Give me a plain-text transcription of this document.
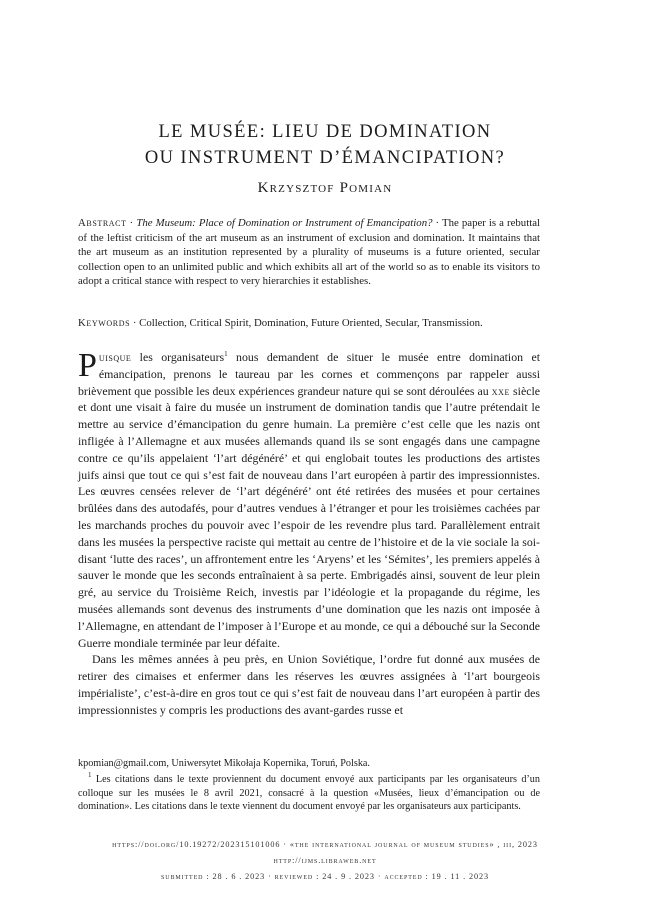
LE MUSÉE: LIEU DE DOMINATION
OU INSTRUMENT D’ÉMANCIPATION?
Krzysztof Pomian

Abstract · The Museum: Place of Domination or Instrument of Emancipation? · The paper is a rebuttal of the leftist criticism of the art museum as an instrument of exclusion and domination. It maintains that the art museum as an institution represented by a plurality of museums is a future oriented, secular collection open to an unlimited public and which exhibits all art of the world so as to enable its visitors to adopt a critical stance with respect to very hierarchies it establishes.

Keywords · Collection, Critical Spirit, Domination, Future Oriented, Secular, Transmission.

Puisque les organisateurs$^1$ nous demandent de situer le musée entre domination et émancipation, prenons le taureau par les cornes et commençons par rappeler aussi brièvement que possible les deux expériences grandeur nature qui se sont déroulées au xxe siècle et dont une visait à faire du musée un instrument de domination tandis que l’autre prétendait le mettre au service d’émancipation du genre humain. La première c’est celle que les nazis ont infligée à l’Allemagne et aux musées allemands quand ils se sont engagés dans une campagne contre ce qu’ils appelaient ‘l’art dégénéré’ et qui englobait toutes les productions des artistes juifs ainsi que tout ce qui s’est fait de nouveau dans l’art européen à partir des impressionnistes. Les œuvres censées relever de ‘l’art dégénéré’ ont été retirées des musées et pour certaines brûlées dans des autodafés, pour d’autres vendues à l’étranger et pour les troisièmes cachées par les marchands proches du pouvoir avec l’espoir de les revendre plus tard. Parallèlement entrait dans les musées la perspective raciste qui mettait au centre de l’histoire et de la vie sociale la soi-disant ‘lutte des races’, un affrontement entre les ‘Aryens’ et les ‘Sémites’, les premiers appelés à sauver le monde que les seconds entraînaient à sa perte. Embrigadés ainsi, souvent de leur plein gré, au service du Troisième Reich, investis par l’idéologie et la propagande du régime, les musées allemands sont devenus des instruments d’une domination que les nazis ont imposée à l’Allemagne, en attendant de l’imposer à l’Europe et au monde, ce qui a débouché sur la Seconde Guerre mondiale terminée par leur défaite.

Dans les mêmes années à peu près, en Union Soviétique, l’ordre fut donné aux musées de retirer des cimaises et enfermer dans les réserves les œuvres assignées à ‘l’art bourgeois impérialiste’, c’est-à-dire en gros tout ce qui s’est fait de nouveau dans l’art européen à partir des impressionnistes y compris les productions des avant-gardes russe et

kpomian@gmail.com, Uniwersytet Mikołaja Kopernika, Toruń, Polska.

$^1$ Les citations dans le texte proviennent du document envoyé aux participants par les organisateurs d’un colloque sur les musées le 8 avril 2021, consacré à la question «Musées, lieux d’émancipation ou de domination». Les citations dans le texte viennent du document envoyé par les organisateurs aux participants.

https://doi.org/10.19272/202315101006 · «the international journal of museum studies» , iii, 2023
http://ijms.libraweb.net
submitted : 28 . 6 . 2023 · reviewed : 24 . 9 . 2023 · accepted : 19 . 11 . 2023
